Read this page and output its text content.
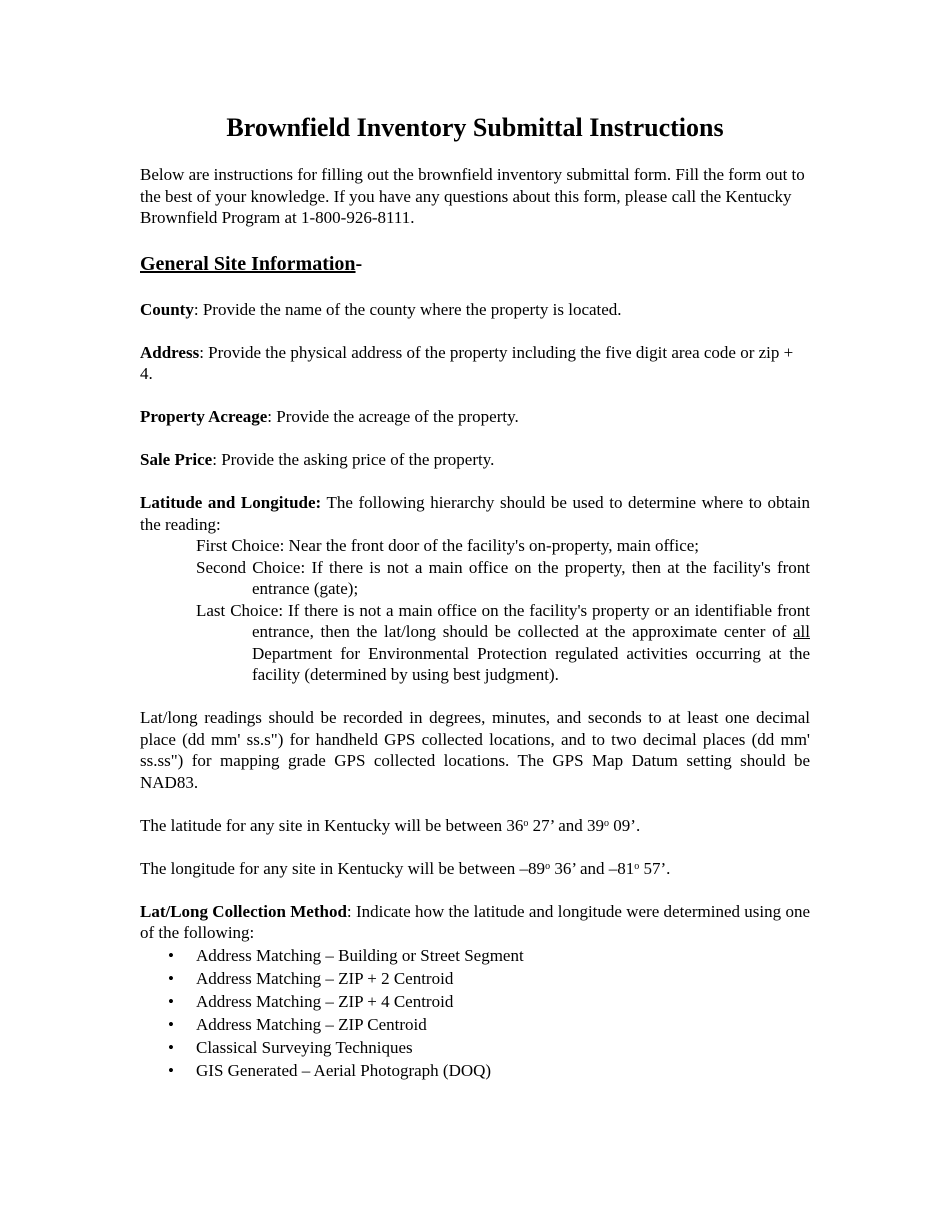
Brownfield Inventory Submittal Instructions

Below are instructions for filling out the brownfield inventory submittal form. Fill the form out to the best of your knowledge. If you have any questions about this form, please call the Kentucky Brownfield Program at 1-800-926-8111.

General Site Information-

County: Provide the name of the county where the property is located.

Address: Provide the physical address of the property including the five digit area code or zip + 4.

Property Acreage: Provide the acreage of the property.

Sale Price: Provide the asking price of the property.

Latitude and Longitude: The following hierarchy should be used to determine where to obtain the reading:

First Choice: Near the front door of the facility's on-property, main office;

Second Choice: If there is not a main office on the property, then at the facility's front entrance (gate);

Last Choice: If there is not a main office on the facility's property or an identifiable front entrance, then the lat/long should be collected at the approximate center of all Department for Environmental Protection regulated activities occurring at the facility (determined by using best judgment).

Lat/long readings should be recorded in degrees, minutes, and seconds to at least one decimal place (dd mm' ss.s") for handheld GPS collected locations, and to two decimal places (dd mm' ss.ss") for mapping grade GPS collected locations. The GPS Map Datum setting should be NAD83.

The latitude for any site in Kentucky will be between 36$^o$ 27’ and 39$^o$ 09’.

The longitude for any site in Kentucky will be between –89$^o$ 36’ and –81$^o$ 57’.

Lat/Long Collection Method: Indicate how the latitude and longitude were determined using one of the following:

• Address Matching – Building or Street Segment
• Address Matching – ZIP + 2 Centroid
• Address Matching – ZIP + 4 Centroid
• Address Matching – ZIP Centroid
• Classical Surveying Techniques
• GIS Generated – Aerial Photograph (DOQ)
